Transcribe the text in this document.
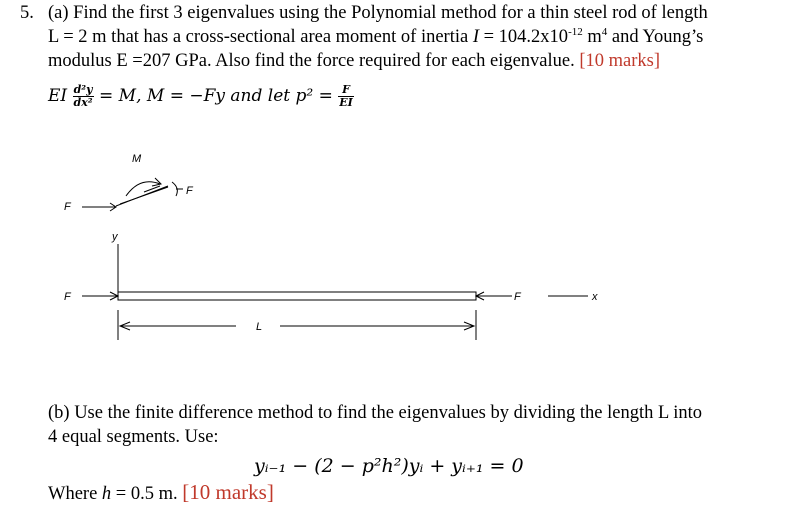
5. (a) Find the first 3 eigenvalues using the Polynomial method for a thin steel rod of length
L = 2 m that has a cross-sectional area moment of inertia $I = 104.2x10^{-12}$ $m^4$ and Young’s
modulus E =207 GPa. Also find the force required for each eigenvalue. [10 marks]
EI $\frac{\text{d²y}}{\text{dx²}} = M$, M = −Fy and let $p^2 = \frac{F}{EI}$
M
F
F
y
F	F	x
L
(b) Use the finite difference method to find the eigenvalues by dividing the length L into
4 equal segments. Use:
yᵢ₋₁ − (2 − p²h²)yᵢ + yᵢ₊₁ = 0
Where h = 0.5 m. [10 marks]
